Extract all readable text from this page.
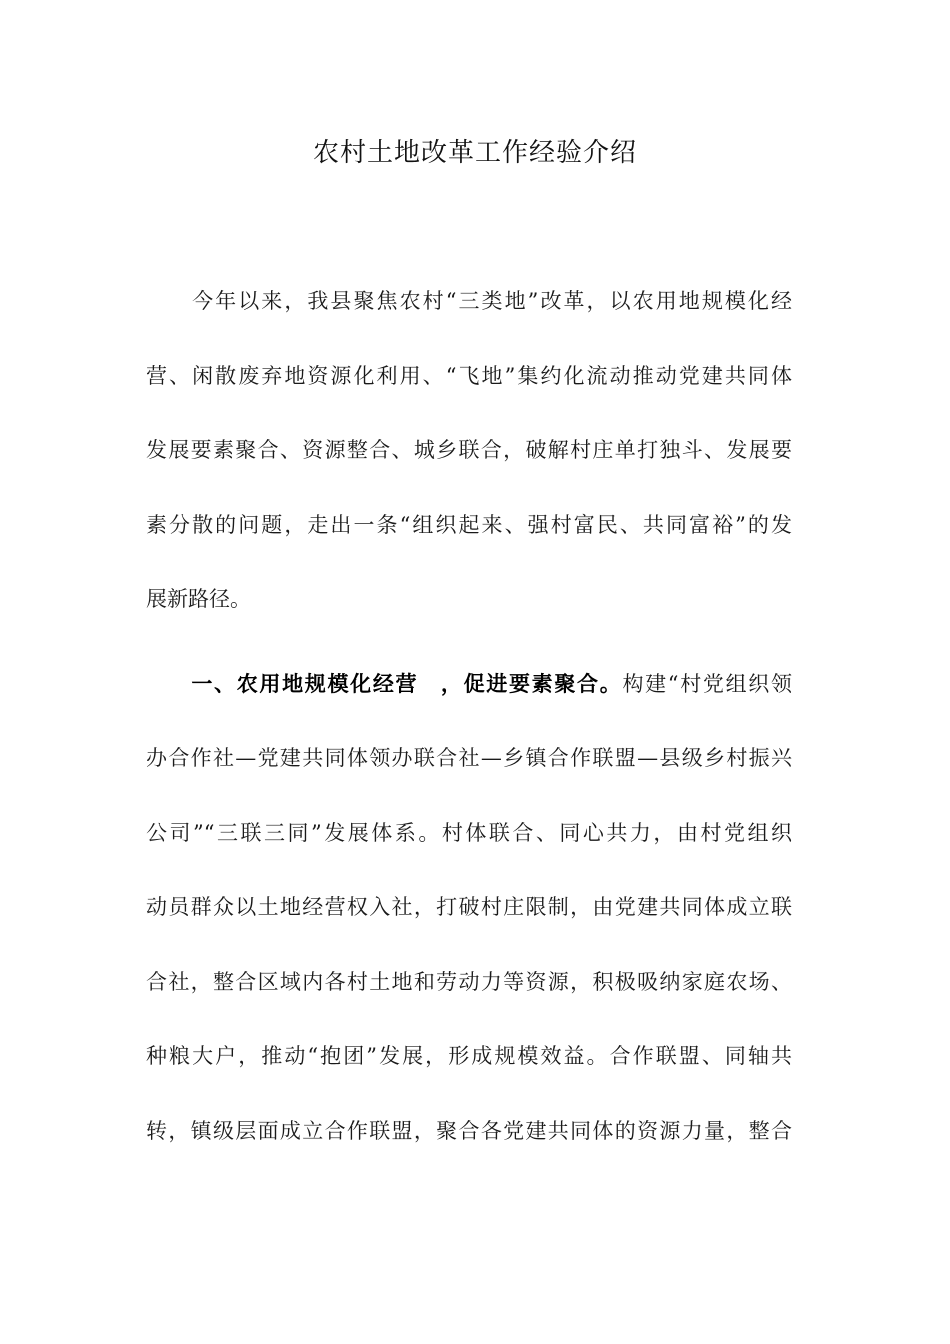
农村土地改革工作经验介绍
　　今年以来，我县聚焦农村“三类地”改革，以农用地规模化经
营、闲散废弃地资源化利用、“飞地”集约化流动推动党建共同体
发展要素聚合、资源整合、城乡联合，破解村庄单打独斗、发展要
素分散的问题，走出一条“组织起来、强村富民、共同富裕”的发
展新路径。
　　一、农用地规模化经营　，促进要素聚合。构建“村党组织领
办合作社—党建共同体领办联合社—乡镇合作联盟—县级乡村振兴
公司”“三联三同”发展体系。村体联合、同心共力，由村党组织
动员群众以土地经营权入社，打破村庄限制，由党建共同体成立联
合社，整合区域内各村土地和劳动力等资源，积极吸纳家庭农场、
种粮大户，推动“抱团”发展，形成规模效益。合作联盟、同轴共
转，镇级层面成立合作联盟，聚合各党建共同体的资源力量，整合
